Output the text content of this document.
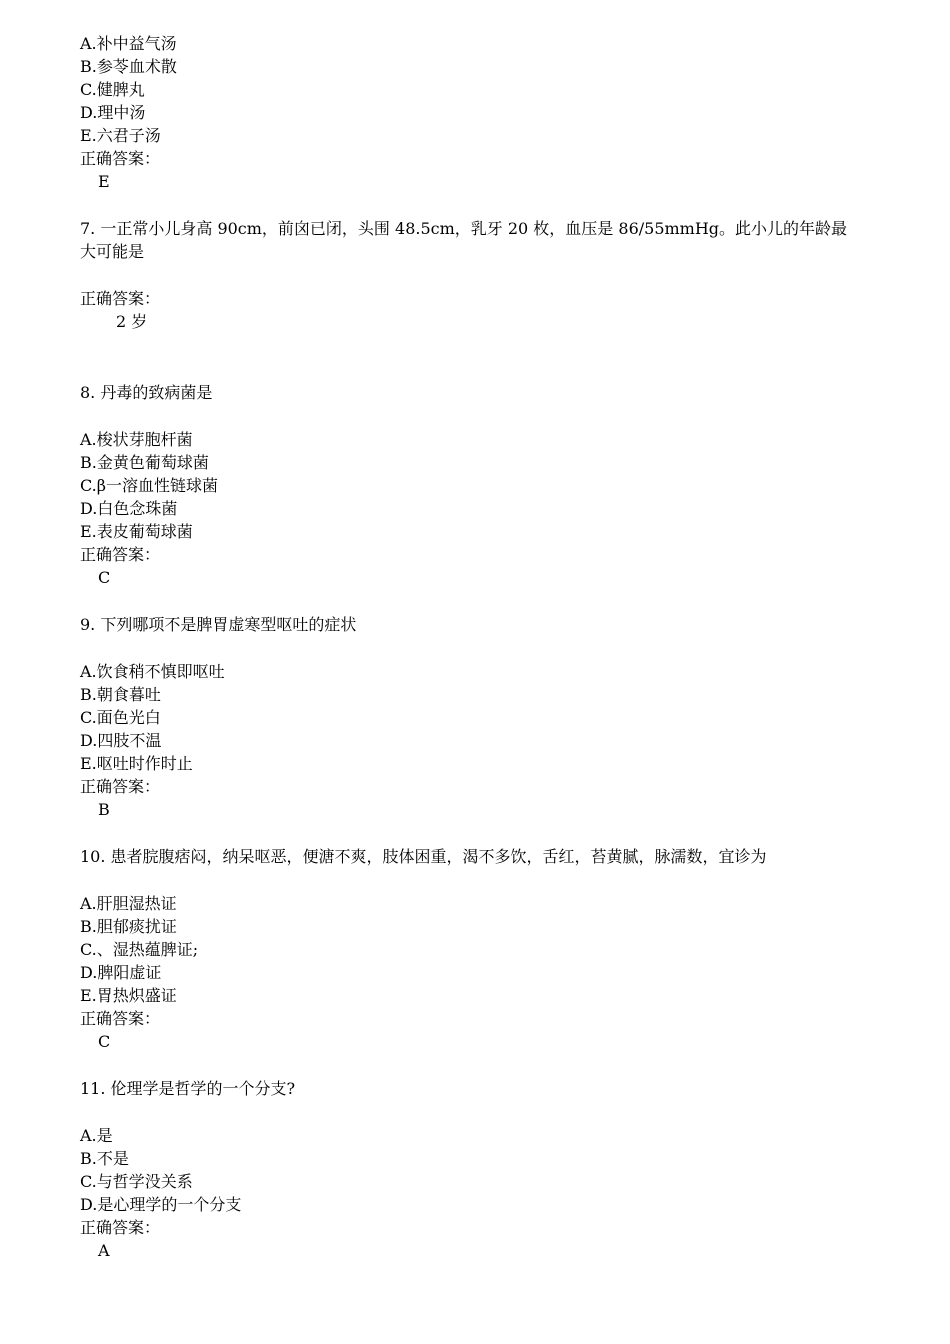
A.补中益气汤
B.参苓血术散
C.健脾丸
D.理中汤
E.六君子汤
正确答案：
E
7. 一正常小儿身高 90cm，前囟已闭，头围 48.5cm，乳牙 20 枚，血压是 86/55mmHg。此小儿的年龄最
大可能是
正确答案：
2 岁
8. 丹毒的致病菌是
A.梭状芽胞杆菌
B.金黄色葡萄球菌
C.β一溶血性链球菌
D.白色念珠菌
E.表皮葡萄球菌
正确答案：
C
9. 下列哪项不是脾胃虚寒型呕吐的症状
A.饮食稍不慎即呕吐
B.朝食暮吐
C.面色光白
D.四肢不温
E.呕吐时作时止
正确答案：
B
10. 患者脘腹痞闷，纳呆呕恶，便溏不爽，肢体困重，渴不多饮，舌红，苔黄腻，脉濡数，宜诊为
A.肝胆湿热证
B.胆郁痰扰证
C.、湿热蕴脾证;
D.脾阳虚证
E.胃热炽盛证
正确答案：
C
11. 伦理学是哲学的一个分支?
A.是
B.不是
C.与哲学没关系
D.是心理学的一个分支
正确答案：
A
